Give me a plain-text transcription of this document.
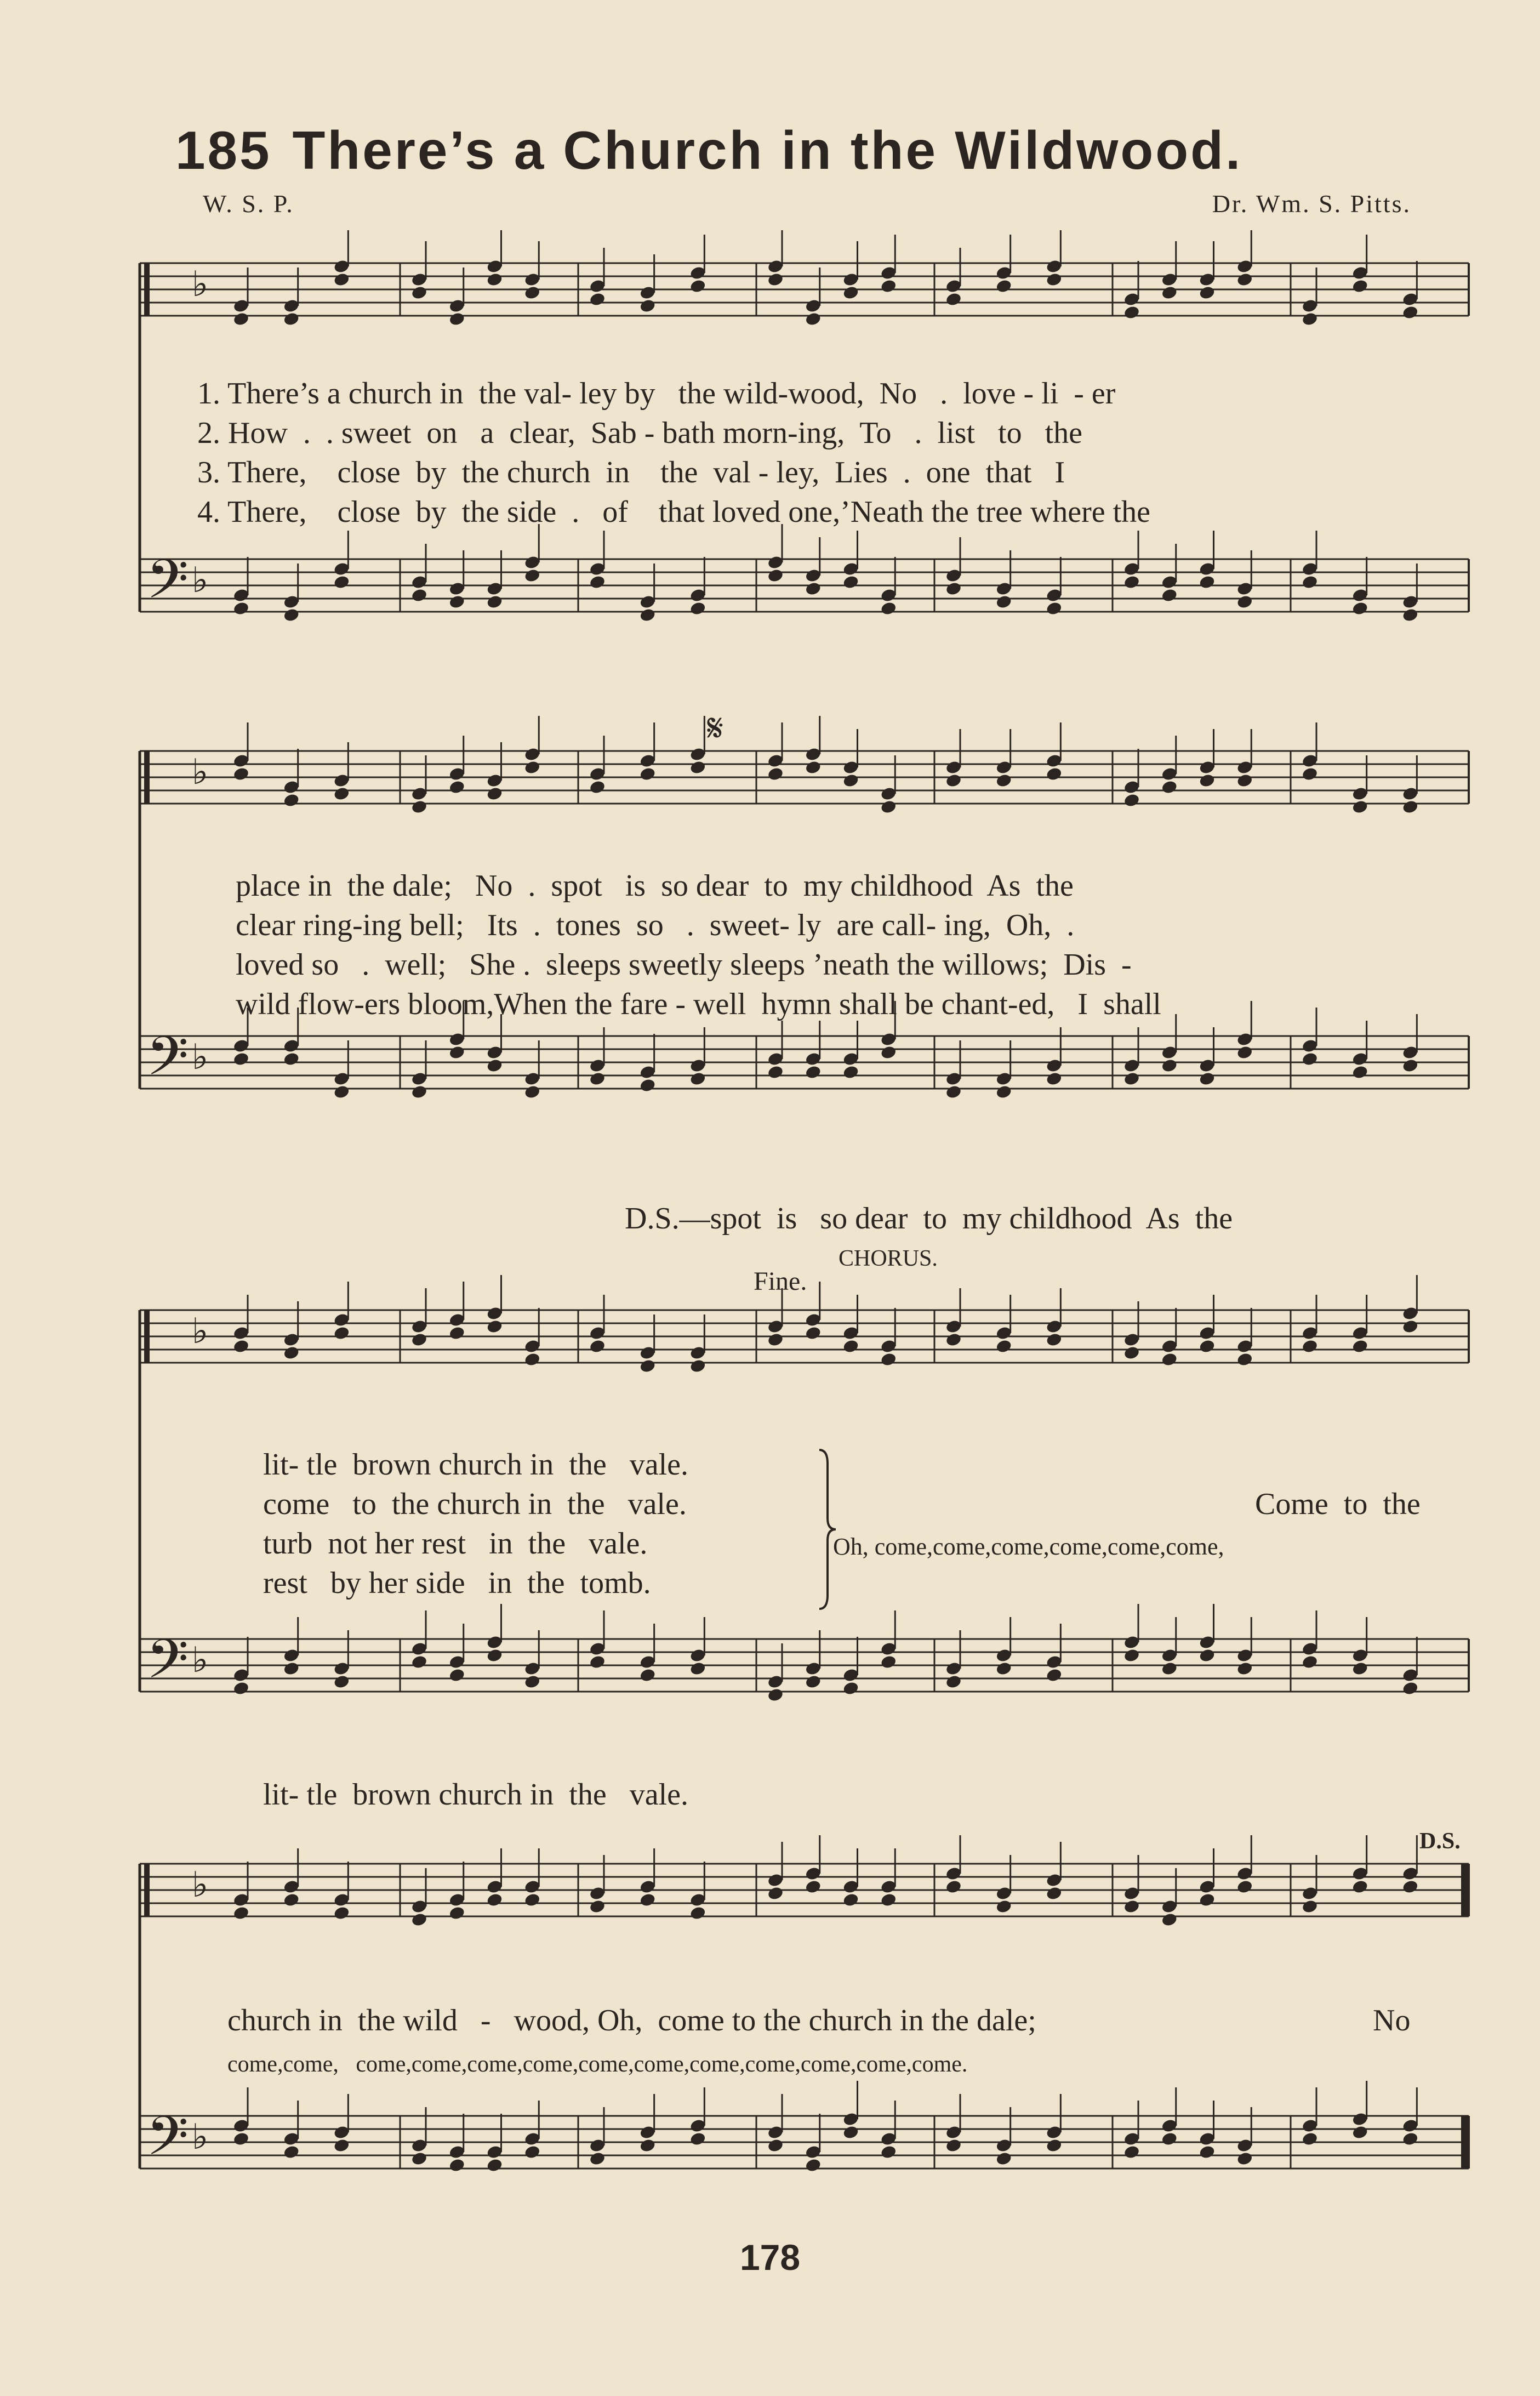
185 There’s a Church in the Wildwood.
W. S. P.	Dr. Wm. S. Pitts.
♭
𝄢 ♭
1. There’s a church in  the val- ley by   the wild-wood,  No   .  love - li  - er
2. How  .  . sweet  on   a  clear,  Sab - bath morn-ing,  To   .  list   to   the
3. There,    close  by  the church  in    the  val - ley,  Lies  .  one  that   I
4. There,    close  by  the side  .   of    that loved one,’Neath the tree where the
𝄋
♭
𝄢 ♭
place in  the dale;   No  .  spot   is  so dear  to  my childhood  As  the
clear ring-ing bell;   Its  .  tones  so   .  sweet- ly  are call- ing,  Oh,  .
loved so   .  well;   She .  sleeps sweetly sleeps ’neath the willows;  Dis  -
wild flow-ers bloom,When the fare - well  hymn shall be chant-ed,   I  shall
D.S.—spot  is   so dear  to  my childhood  As  the
Fine.
CHORUS.
♭
𝄢 ♭
lit- tle  brown church in  the   vale.
come   to  the church in  the   vale.
turb  not her rest   in  the   vale.
rest   by her side   in  the  tomb.
Come  to  the
Oh, come,come,come,come,come,come,
lit- tle  brown church in  the   vale.
D.S.
♭
𝄢 ♭
church in  the wild   -   wood, Oh,  come to the church in the dale;	No
come,come,   come,come,come,come,come,come,come,come,come,come,come.
178
